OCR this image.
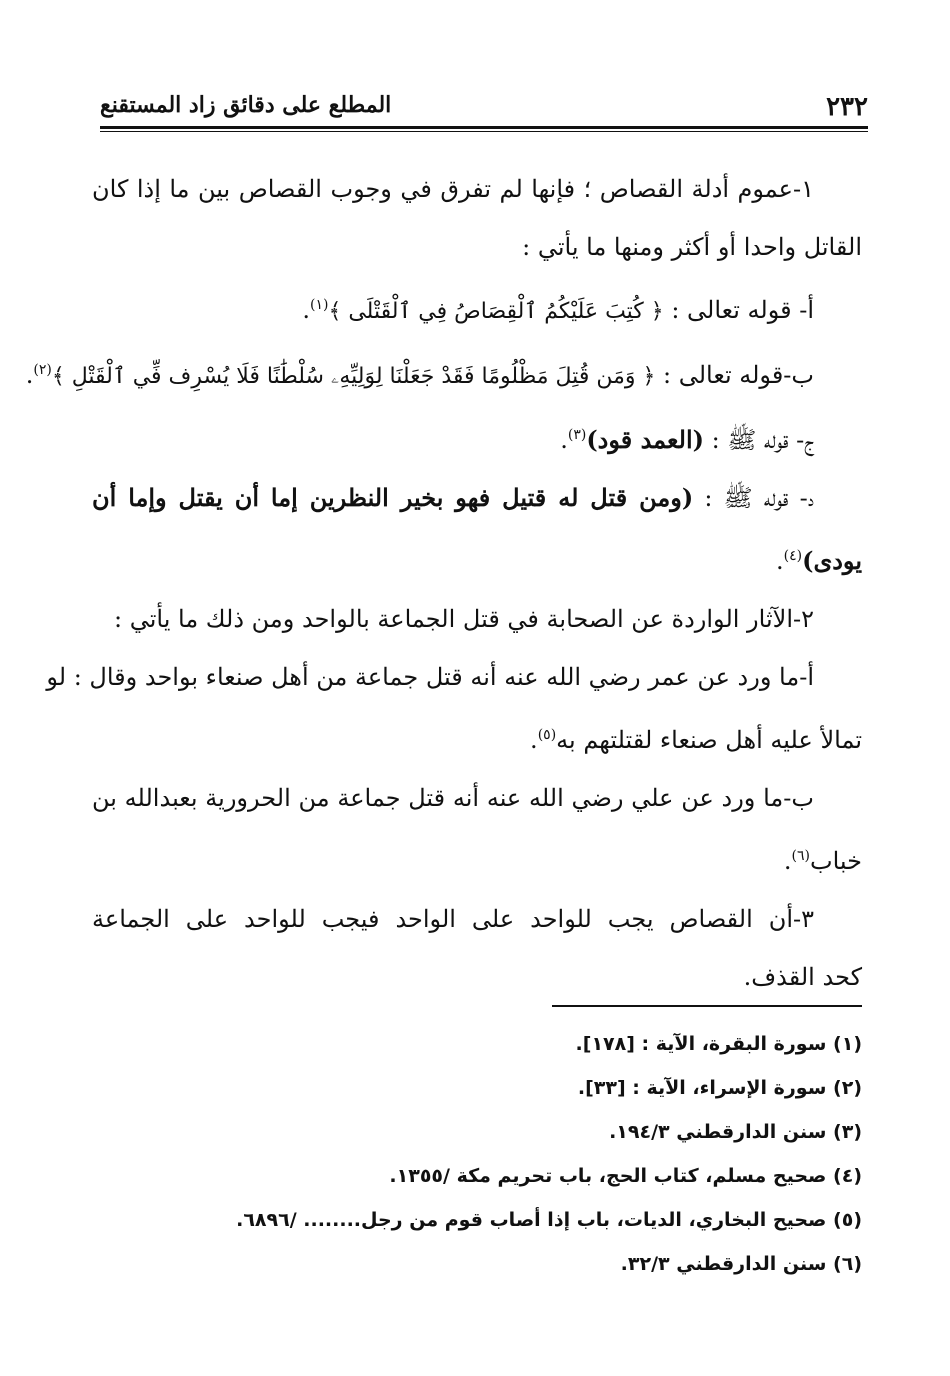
٢٣٢
المطلع على دقائق زاد المستقنع
١-عموم أدلة القصاص ؛ فإنها لم تفرق في وجوب القصاص بين ما إذا كان
القاتل واحدا أو أكثر ومنها ما يأتي :
أ- قوله تعالى : ﴿ كُتِبَ عَلَيْكُمُ ٱلْقِصَاصُ فِي ٱلْقَتْلَى ﴾$^{(١)}$.
ب-قوله تعالى : ﴿ وَمَن قُتِلَ مَظْلُومًا فَقَدْ جَعَلْنَا لِوَلِيِّهِۦ سُلْطَٰنًا فَلَا يُسْرِف فِّي ٱلْقَتْلِ ﴾$^{(٢)}$.
ج- قوله ﷺ : (العمد قود)$^{(٣)}$.
د- قوله ﷺ : (ومن قتل له قتيل فهو بخير النظرين إما أن يقتل وإما أن
يودى)$^{(٤)}$.
٢-الآثار الواردة عن الصحابة في قتل الجماعة بالواحد ومن ذلك ما يأتي :
أ-ما ورد عن عمر رضي الله عنه أنه قتل جماعة من أهل صنعاء بواحد وقال : لو
تمالأ عليه أهل صنعاء لقتلتهم به$^{(٥)}$.
ب-ما ورد عن علي رضي الله عنه أنه قتل جماعة من الحرورية بعبدالله بن
خباب$^{(٦)}$.
٣-أن القصاص يجب للواحد على الواحد فيجب للواحد على الجماعة
كحد القذف.
(١) سورة البقرة، الآية : [١٧٨].
(٢) سورة الإسراء، الآية : [٣٣].
(٣) سنن الدارقطني ١٩٤/٣.
(٤) صحيح مسلم، كتاب الحج، باب تحريم مكة /١٣٥٥.
(٥) صحيح البخاري، الديات، باب إذا أصاب قوم من رجل........ /٦٨٩٦.
(٦) سنن الدارقطني ٣٢/٣.
